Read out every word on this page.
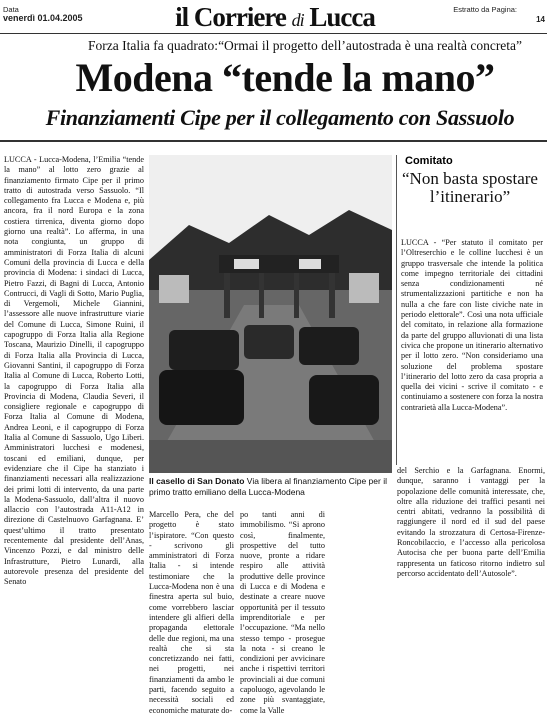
Data
venerdì 01.04.2005	il Corriere di Lucca	Estratto da Pagina:
14
Forza Italia fa quadrato:“Ormai il progetto dell’autostrada è una realtà concreta”
Modena “tende la mano”
Finanziamenti Cipe per il collegamento con Sassuolo
LUCCA - Lucca-Modena, l’Emilia “tende la mano” al lotto zero grazie al finanziamento firmato Cipe per il primo tratto di autostrada verso Sassuolo. “Il collegamento fra Lucca e Modena e, più ancora, fra il nord Europa e la zona costiera tirrenica, diventa giorno dopo giorno una realtà”. Lo afferma, in una nota congiunta, un gruppo di amministratori di Forza Italia di alcuni Comuni della provincia di Lucca e della provincia di Modena: i sindaci di Lucca, Pietro Fazzi, di Bagni di Lucca, Antonio Contrucci, di Vagli di Sotto, Mario Puglia, di Vergemoli, Michele Giannini, l’assessore alle nuove infrastrutture viarie del Comune di Lucca, Simone Ruini, il capogruppo di Forza Italia alla Regione Toscana, Maurizio Dinelli, il capogruppo di Forza Italia alla Provincia di Lucca, Giovanni Santini, il capogruppo di Forza Italia al Comune di Lucca, Roberto Lotti, la capogruppo di Forza Italia alla Provincia di Modena, Claudia Severi, il consigliere regionale e capogruppo di Forza Italia al Comune di Modena, Andrea Leoni, e il capogruppo di Forza Italia al Comune di Sassuolo, Ugo Liberi. Amministratori lucchesi e modenesi, toscani ed emiliani, dunque, per evidenziare che il Cipe ha stanziato i finanziamenti necessari alla realizzazione dei primi lotti di intervento, da una parte la Modena-Sassuolo, dall’altra il nuovo allaccio con l’autostrada A11-A12 in direzione di Castelnuovo Garfagnana. E’ quest’ultimo il tratto presentato recentemente dal presidente dell’Anas, Vincenzo Pozzi, e dal ministro delle Infrastrutture, Pietro Lunardi, alla autorevole presenza del presidente del Senato
Il casello di San Donato Via libera al finanziamento Cipe per il primo tratto emiliano della Lucca-Modena
Marcello Pera, che del progetto è stato l’ispiratore. “Con questo - scrivono gli amministratori di Forza Italia - si intende testimoniare che la Lucca-Modena non è una finestra aperta sul buio, come vorrebbero lasciar intendere gli alfieri della propaganda elettorale delle due regioni, ma una realtà che si sta concretizzando nei fatti, nei progetti, nei finanziamenti da ambo le parti, facendo seguito a necessità sociali ed economiche maturate do-
po tanti anni di immobilismo. “Si aprono così, finalmente, prospettive del tutto nuove, pronte a ridare respiro alle attività produttive delle province di Lucca e di Modena e destinate a creare nuove opportunità per il tessuto imprenditoriale e per l’occupazione. “Ma nello stesso tempo - prosegue la nota - si creano le condizioni per avvicinare anche i rispettivi territori provinciali ai due comuni capoluogo, agevolando le zone più svantaggiate, come la Valle
del Serchio e la Garfagnana. Enormi, dunque, saranno i vantaggi per la popolazione delle comunità interessate, che, oltre alla riduzione dei traffici pesanti nei centri abitati, vedranno la possibilità di raggiungere il nord ed il sud del paese evitando la strozzatura di Certosa-Firenze-Roncobilaccio, e l’accesso alla pericolosa Autocisa che per buona parte dell’Emilia rappresenta un faticoso ritorno indietro sul percorso accidentato dell’Autosole”.
Comitato
“Non basta spostare l’itinerario”
LUCCA - “Per statuto il comitato per l’Oltreserchio e le colline lucchesi è un gruppo trasversale che intende la politica come impegno territoriale dei cittadini senza condizionamenti né strumentalizzazioni partitiche e non ha nulla a che fare con liste civiche nate in periodo elettorale”. Così una nota ufficiale del comitato, in relazione alla formazione da parte del gruppo alluvionati di una lista civica che propone un itinerario alternativo per il lotto zero. “Non consideriamo una soluzione del problema spostare l’itinerario del lotto zero da casa propria a quella dei vicini - scrive il comitato - e continuiamo a sostenere con forza la nostra contrarietà alla Lucca-Modena”.
